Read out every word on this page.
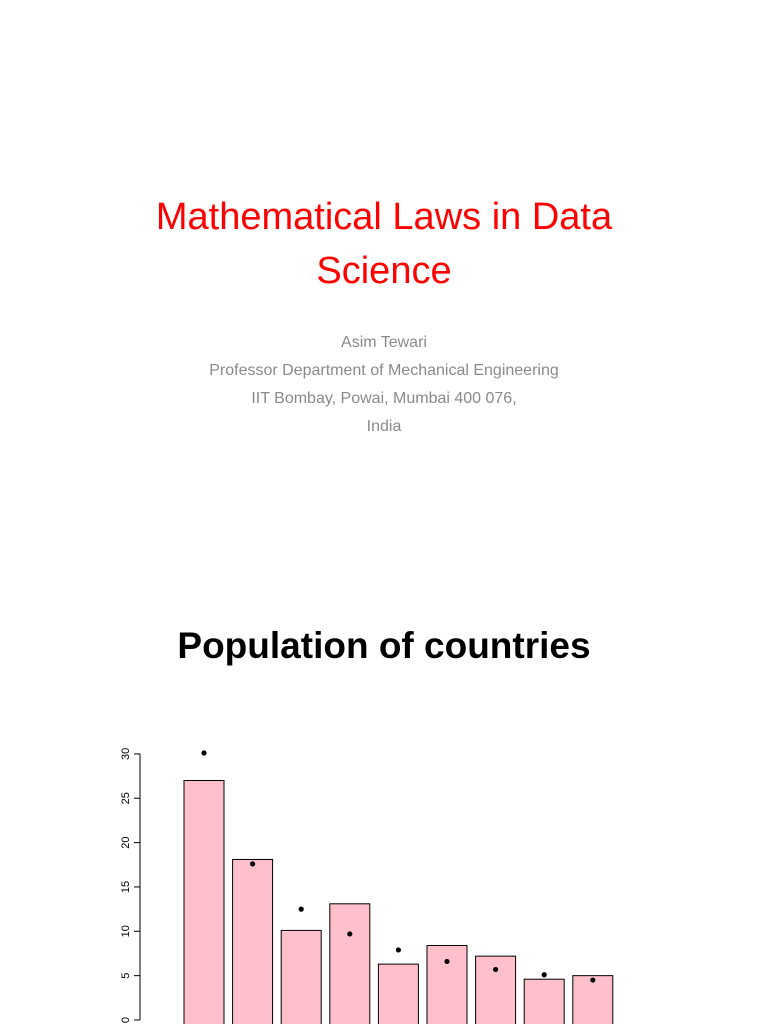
Mathematical Laws in Data
Science
Asim Tewari
Professor Department of Mechanical Engineering
IIT Bombay, Powai, Mumbai 400 076,
India
Population of countries
0
5
10
15
20
25
30
